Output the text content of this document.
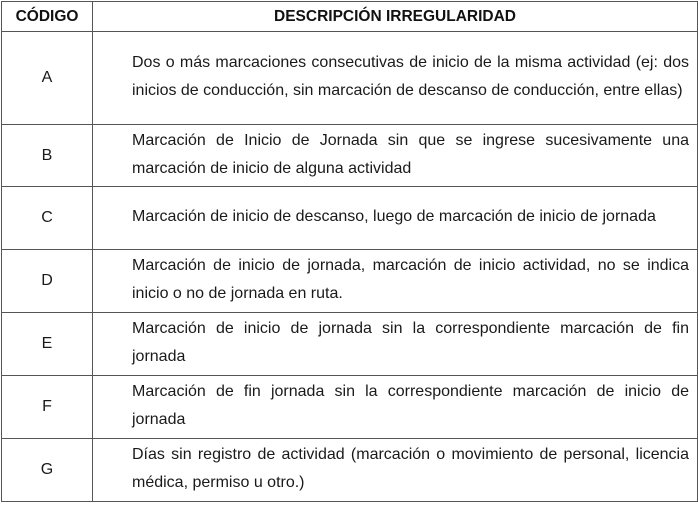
CÓDIGO	DESCRIPCIÓN IRREGULARIDAD
A	Dos o más marcaciones consecutivas de inicio de la misma actividad (ej: dos inicios de conducción, sin marcación de descanso de conducción, entre ellas)
B	Marcación de Inicio de Jornada sin que se ingrese sucesivamente una marcación de inicio de alguna actividad
C	Marcación de inicio de descanso, luego de marcación de inicio de jornada
D	Marcación de inicio de jornada, marcación de inicio actividad, no se indica inicio o no de jornada en ruta.
E	Marcación de inicio de jornada sin la correspondiente marcación de fin jornada
F	Marcación de fin jornada sin la correspondiente marcación de inicio de jornada
G	Días sin registro de actividad (marcación o movimiento de personal, licencia médica, permiso u otro.)
